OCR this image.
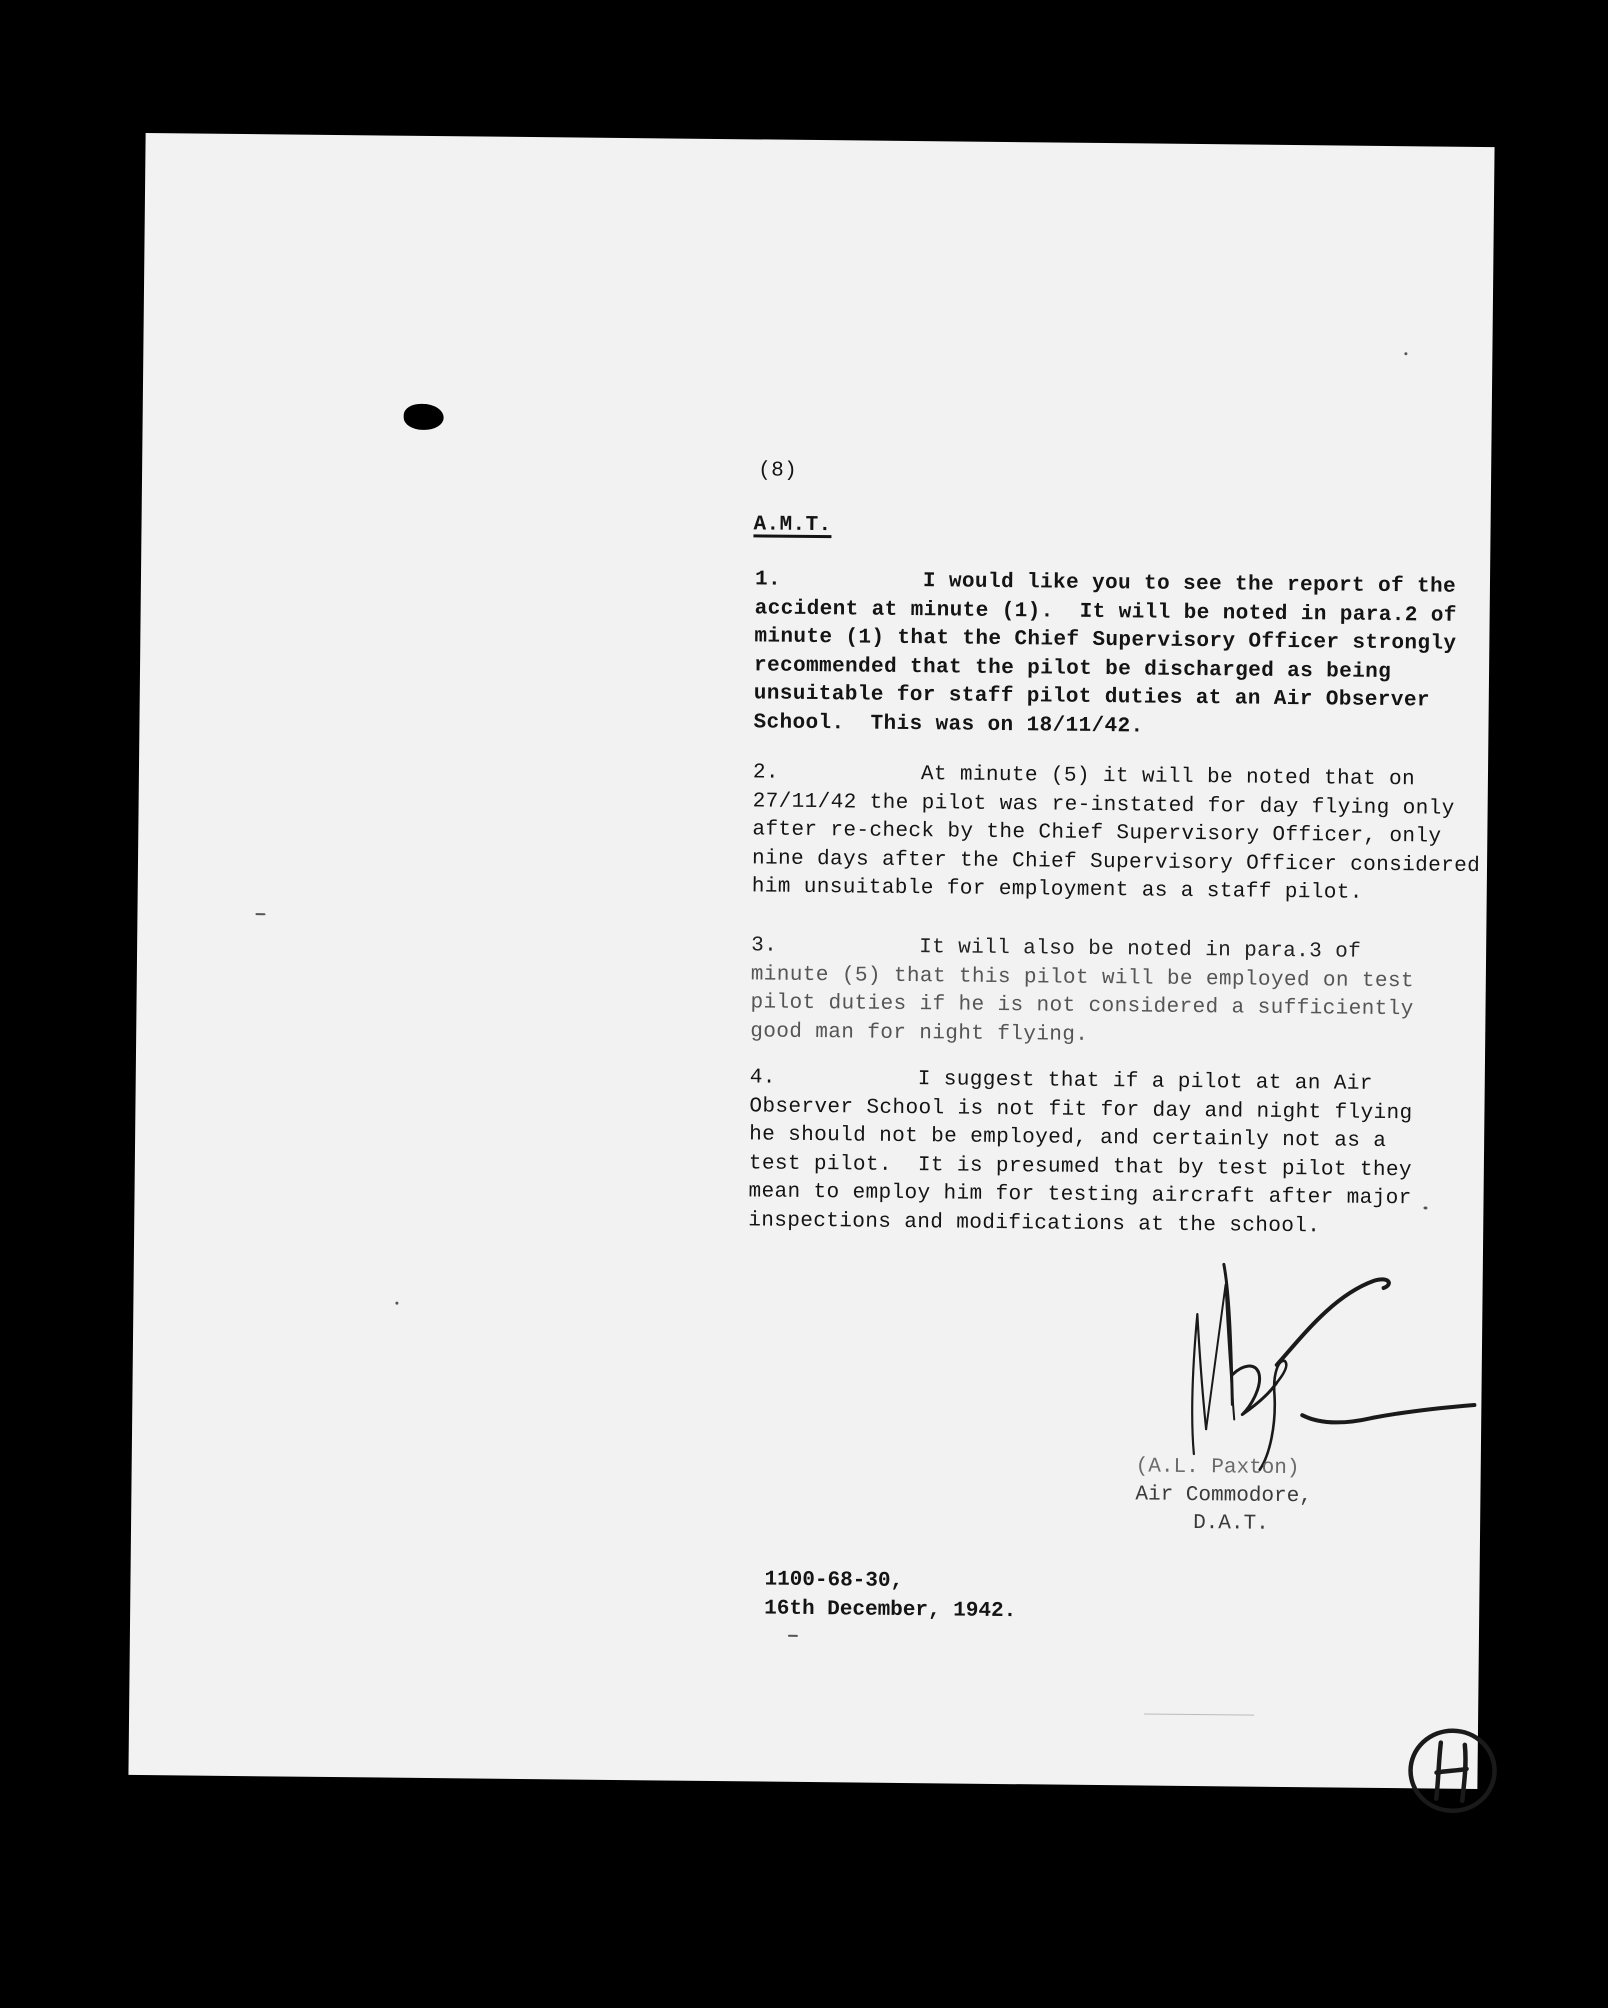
(8)
A.M.T.
1.	I would like you to see the report of the
accident at minute (1).  It will be noted in para.2 of
minute (1) that the Chief Supervisory Officer strongly
recommended that the pilot be discharged as being
unsuitable for staff pilot duties at an Air Observer
School.  This was on 18/11/42.
2.	At minute (5) it will be noted that on
27/11/42 the pilot was re-instated for day flying only
after re-check by the Chief Supervisory Officer, only
nine days after the Chief Supervisory Officer considered
him unsuitable for employment as a staff pilot.
3.	It will also be noted in para.3 of
minute (5) that this pilot will be employed on test
pilot duties if he is not considered a sufficiently
good man for night flying.
4.	I suggest that if a pilot at an Air
Observer School is not fit for day and night flying
he should not be employed, and certainly not as a
test pilot.  It is presumed that by test pilot they
mean to employ him for testing aircraft after major
inspections and modifications at the school.
(A.L. Paxton)
Air Commodore,
D.A.T.
1100-68-30,
16th December, 1942.
